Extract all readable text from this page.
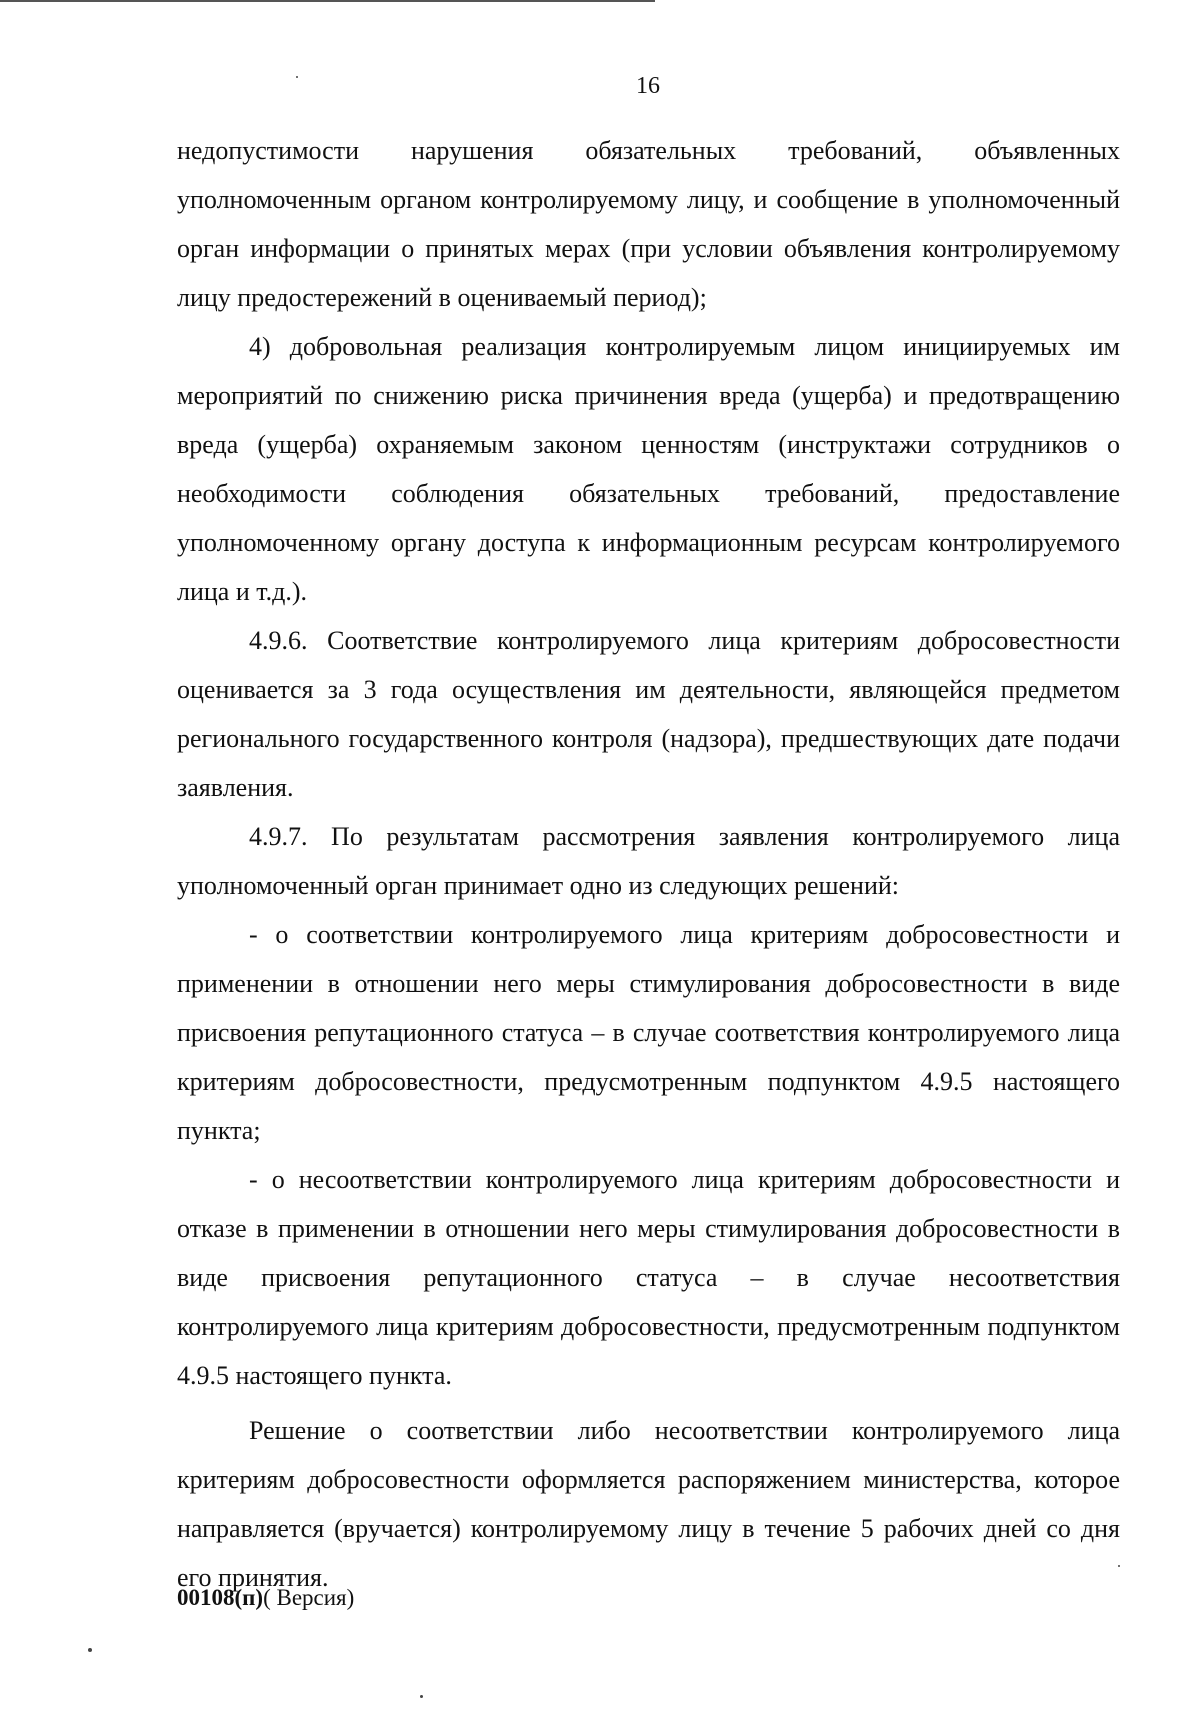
16

недопустимости нарушения обязательных требований, объявленных уполномоченным органом контролируемому лицу, и сообщение в уполномоченный орган информации о принятых мерах (при условии объявления контролируемому лицу предостережений в оцениваемый период);

4) добровольная реализация контролируемым лицом инициируемых им мероприятий по снижению риска причинения вреда (ущерба) и предотвращению вреда (ущерба) охраняемым законом ценностям (инструктажи сотрудников о необходимости соблюдения обязательных требований, предоставление уполномоченному органу доступа к информационным ресурсам контролируемого лица и т.д.).

4.9.6. Соответствие контролируемого лица критериям добросовестности оценивается за 3 года осуществления им деятельности, являющейся предметом регионального государственного контроля (надзора), предшествующих дате подачи заявления.

4.9.7. По результатам рассмотрения заявления контролируемого лица уполномоченный орган принимает одно из следующих решений:

- о соответствии контролируемого лица критериям добросовестности и применении в отношении него меры стимулирования добросовестности в виде присвоения репутационного статуса – в случае соответствия контролируемого лица критериям добросовестности, предусмотренным подпунктом 4.9.5 настоящего пункта;

- о несоответствии контролируемого лица критериям добросовестности и отказе в применении в отношении него меры стимулирования добросовестности в виде присвоения репутационного статуса – в случае несоответствия контролируемого лица критериям добросовестности, предусмотренным подпунктом 4.9.5 настоящего пункта.

Решение о соответствии либо несоответствии контролируемого лица критериям добросовестности оформляется распоряжением министерства, которое направляется (вручается) контролируемому лицу в течение 5 рабочих дней со дня его принятия.

00108(п)( Версия)
